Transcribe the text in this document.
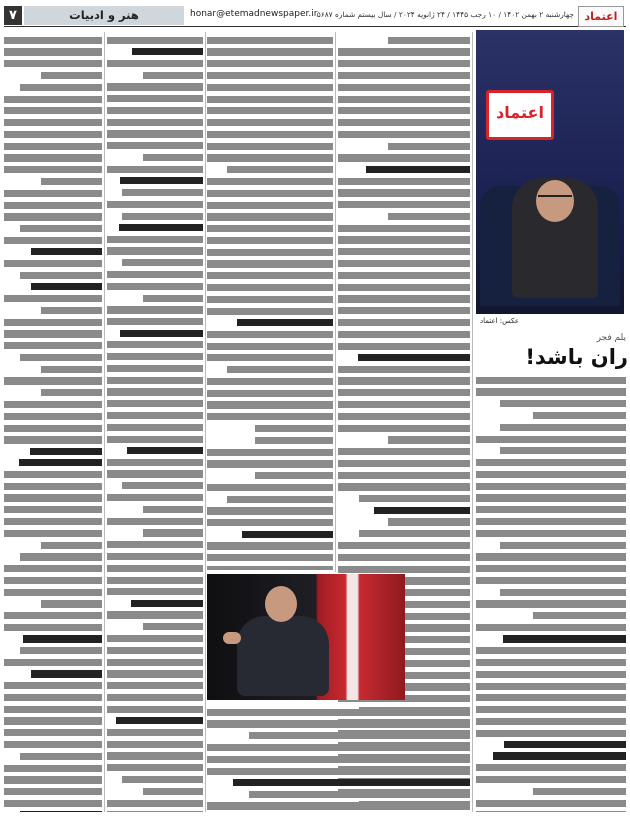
اعتماد
چهارشنبه ۲ بهمن ۱۴۰۲ / ۱۰ رجب ۱۴۴۵ / ۲۴ ژانویه ۲۰۲۴ / سال بیستم شماره ۵۶۸۷
honar@etemadnewspaper.ir
هنر و ادبیات
۷
اعتماد
عکس: اعتماد
یلم فجر
ران باشد!
